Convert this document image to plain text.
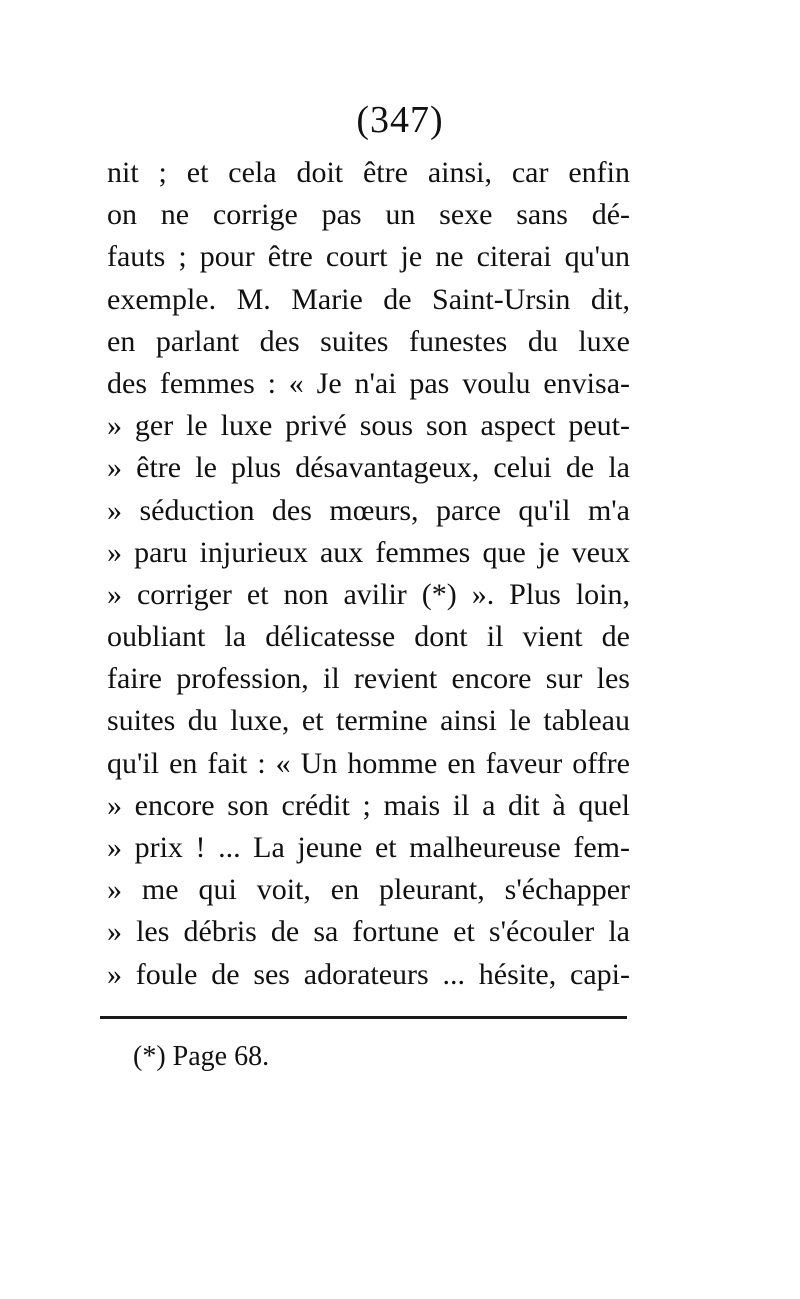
(347)
nit ; et cela doit être ainsi, car enfin
on ne corrige pas un sexe sans dé-
fauts ; pour être court je ne citerai qu'un
exemple. M. Marie de Saint-Ursin dit,
en parlant des suites funestes du luxe
des femmes : « Je n'ai pas voulu envisa-
» ger le luxe privé sous son aspect peut-
» être le plus désavantageux, celui de la
» séduction des mœurs, parce qu'il m'a
» paru injurieux aux femmes que je veux
» corriger et non avilir (*) ». Plus loin,
oubliant la délicatesse dont il vient de
faire profession, il revient encore sur les
suites du luxe, et termine ainsi le tableau
qu'il en fait : « Un homme en faveur offre
» encore son crédit ; mais il a dit à quel
» prix ! ... La jeune et malheureuse fem-
» me qui voit, en pleurant, s'échapper
» les débris de sa fortune et s'écouler la
» foule de ses adorateurs ... hésite, capi-
(*) Page 68.
